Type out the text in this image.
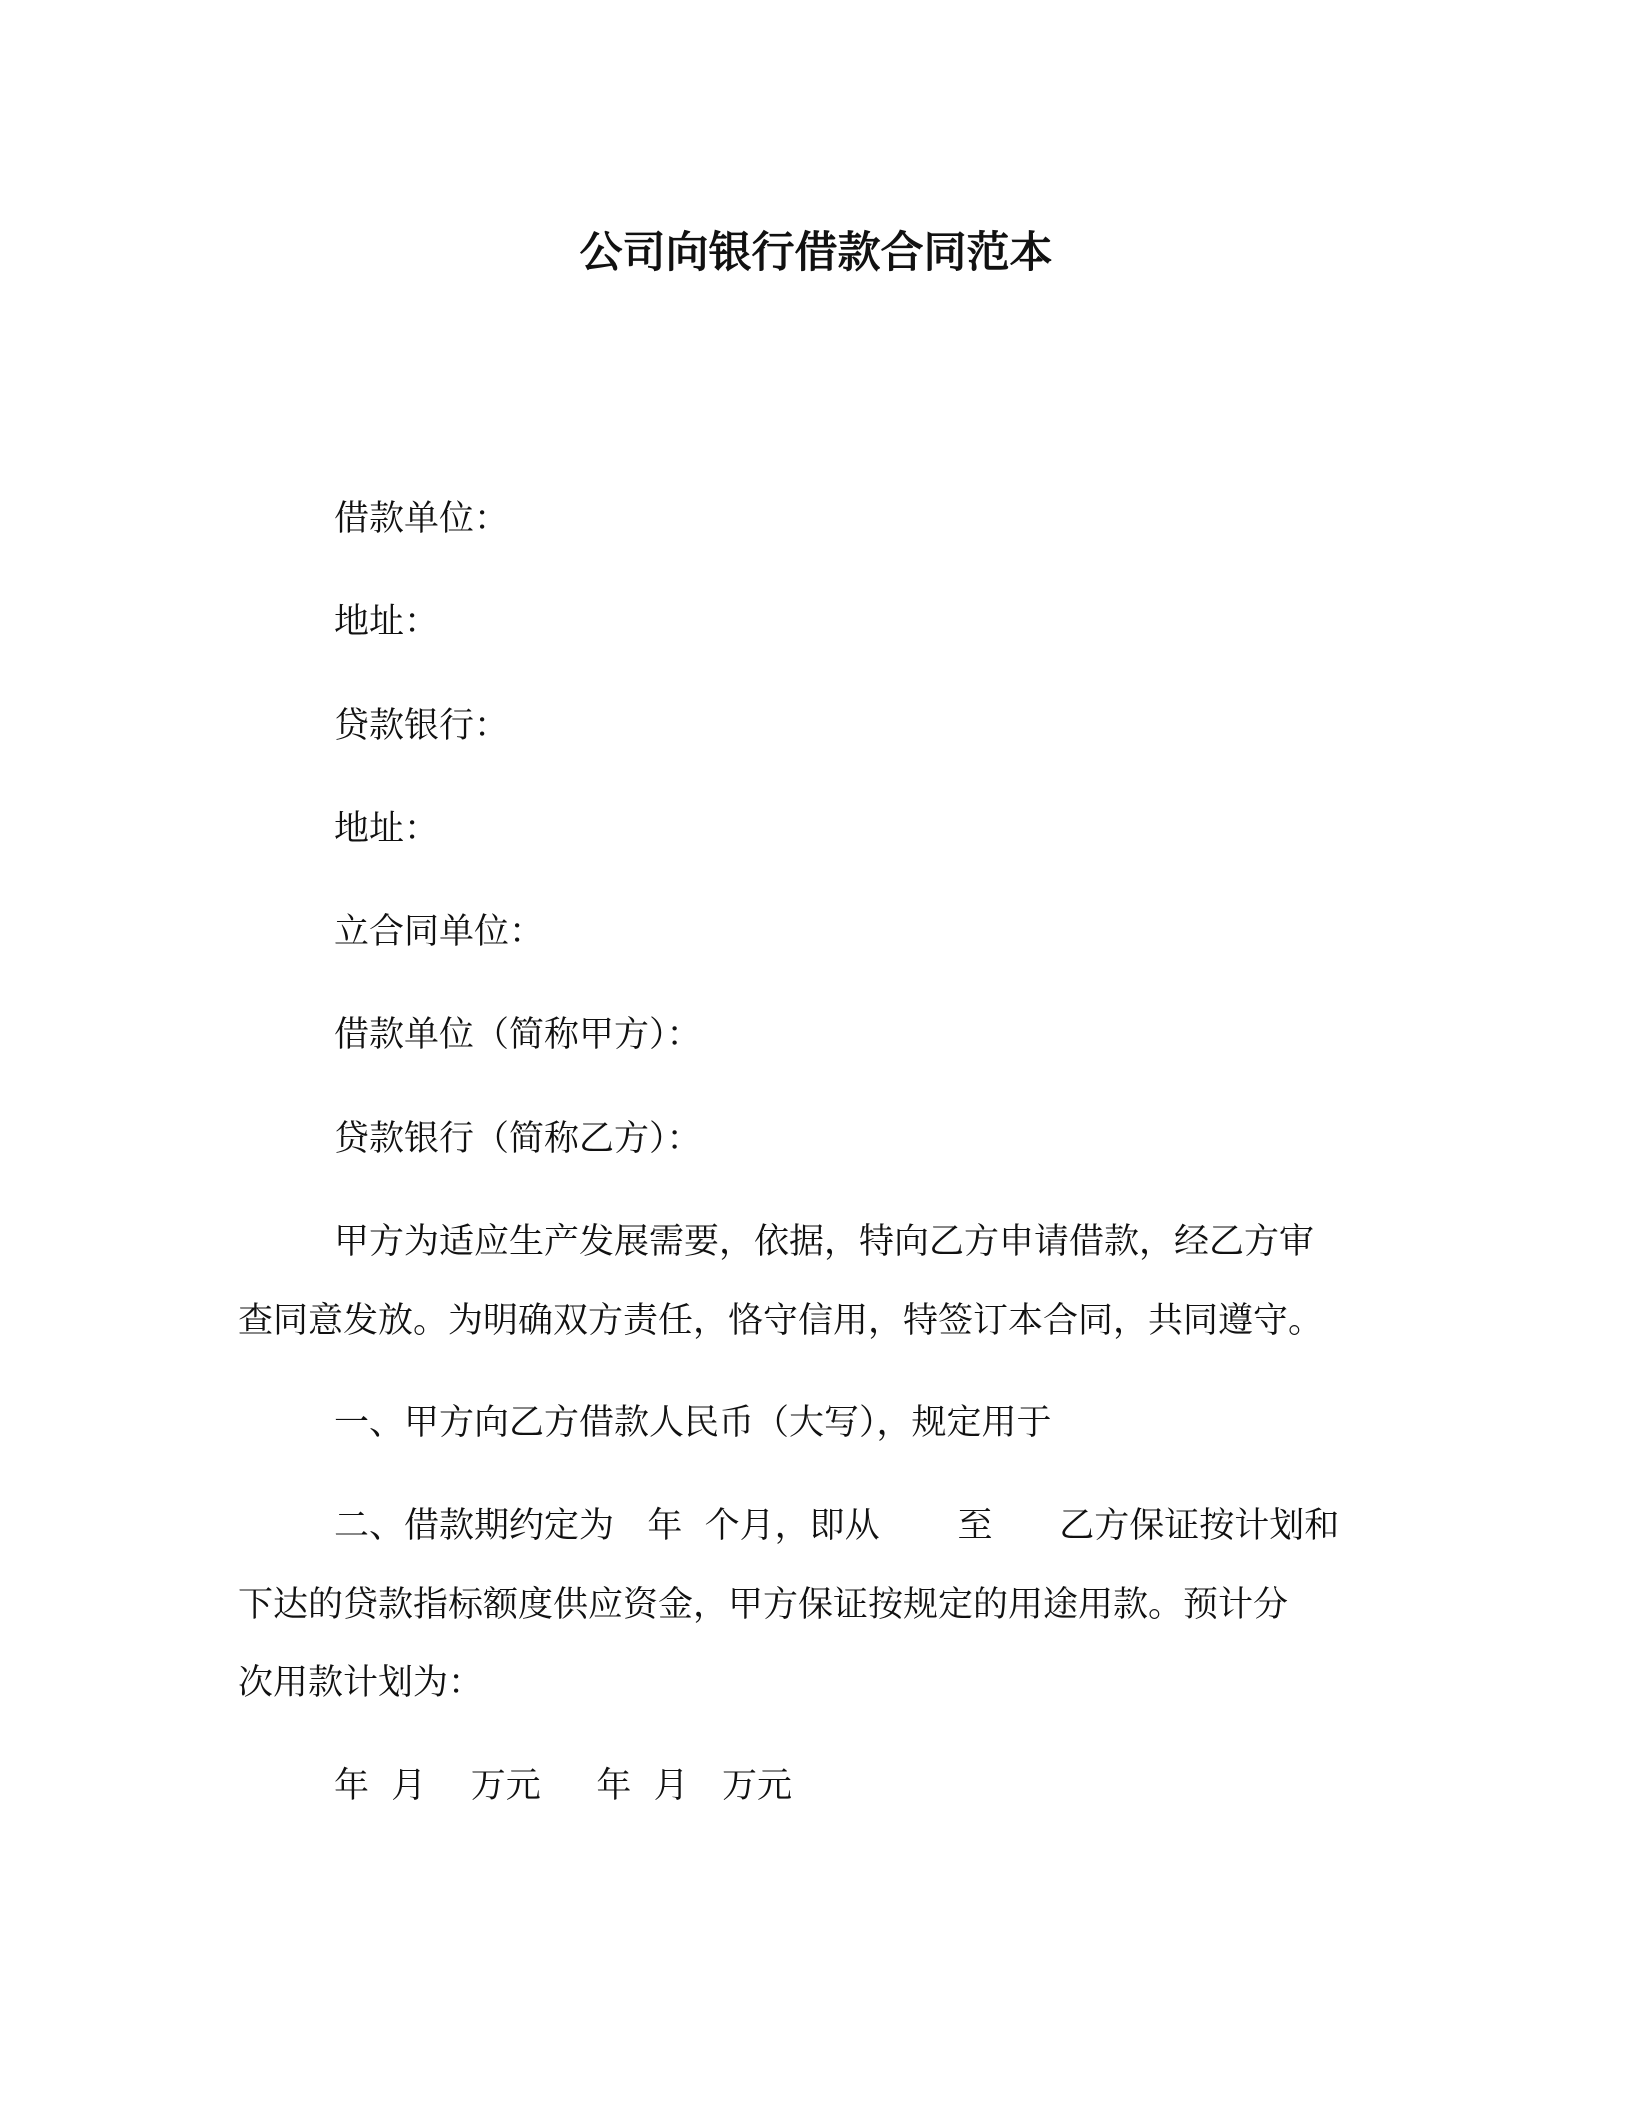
公司向银行借款合同范本
借款单位：
地址：
贷款银行：
地址：
立合同单位：
借款单位（简称甲方）：
贷款银行（简称乙方）：
甲方为适应生产发展需要，依据，特向乙方申请借款，经乙方审
查同意发放。为明确双方责任，恪守信用，特签订本合同，共同遵守。
一、甲方向乙方借款人民币（大写），规定用于
二、借款期约定为   年  个月，即从       至      乙方保证按计划和
下达的贷款指标额度供应资金，甲方保证按规定的用途用款。预计分
次用款计划为：
年  月    万元     年  月   万元
